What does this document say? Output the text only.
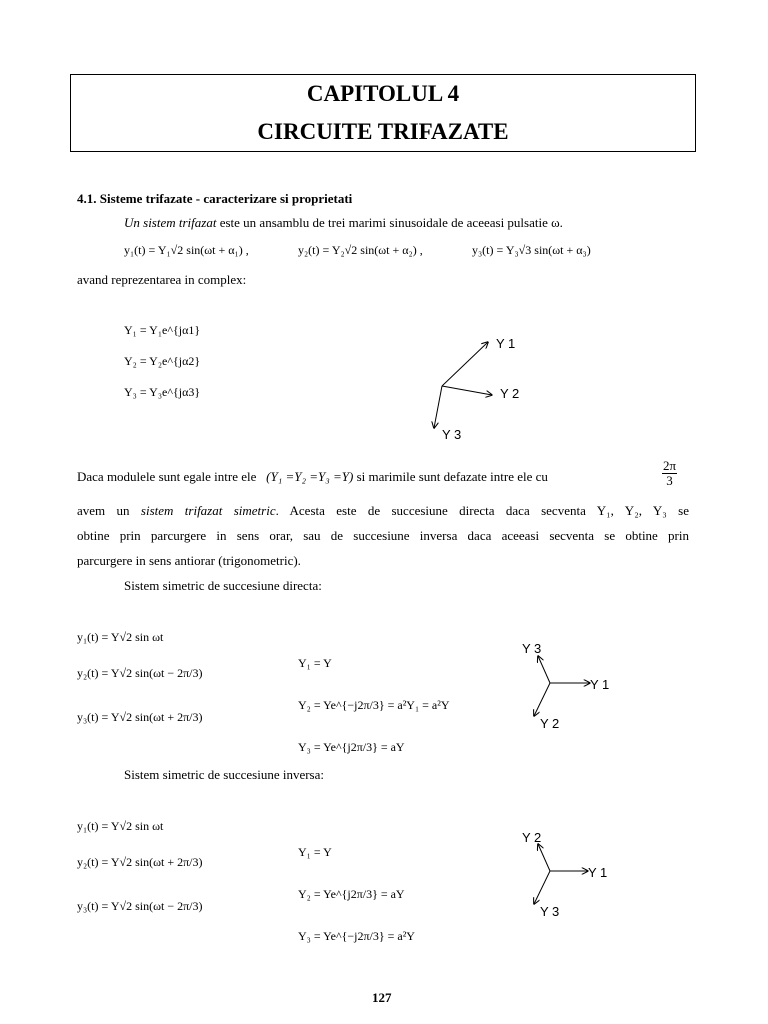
CAPITOLUL 4
CIRCUITE TRIFAZATE
4.1. Sisteme trifazate - caracterizare si proprietati
Un sistem trifazat este un ansamblu de trei marimi sinusoidale de aceeasi pulsatie ω.
y₁(t) = Y₁√2 sin(ωt + α₁) ,	y₂(t) = Y₂√2 sin(ωt + α₂) ,	y₃(t) = Y₃√3 sin(ωt + α₃)
avand reprezentarea in complex:
Y₁ = Y₁e^{jα1}
Y₂ = Y₂e^{jα2}
Y₃ = Y₃e^{jα3}
Y 1
Y 2
Y 3
Daca modulele sunt egale intre ele (Y₁ =Y₂ =Y₃ =Y) si marimile sunt defazate intre ele cu	$\frac{2\pi}{3}$
avem un sistem trifazat simetric. Acesta este de succesiune directa daca secventa Y₁, Y₂, Y₃ se
obtine prin parcurgere in sens orar, sau de succesiune inversa daca aceeasi secventa se obtine prin
parcurgere in sens antiorar (trigonometric).
Sistem simetric de succesiune directa:
y₁(t) = Y√2 sin ωt
y₂(t) = Y√2 sin(ωt − 2π/3)
y₃(t) = Y√2 sin(ωt + 2π/3)
Y₁ = Y
Y₂ = Ye^{−j2π/3} = a²Y₁ = a²Y
Y₃ = Ye^{j2π/3} = aY
Y 3
Y 1
Y 2
Sistem simetric de succesiune inversa:
y₁(t) = Y√2 sin ωt
y₂(t) = Y√2 sin(ωt + 2π/3)
y₃(t) = Y√2 sin(ωt − 2π/3)
Y₁ = Y
Y₂ = Ye^{j2π/3} = aY
Y₃ = Ye^{−j2π/3} = a²Y
Y 2
Y 1
Y 3
127
